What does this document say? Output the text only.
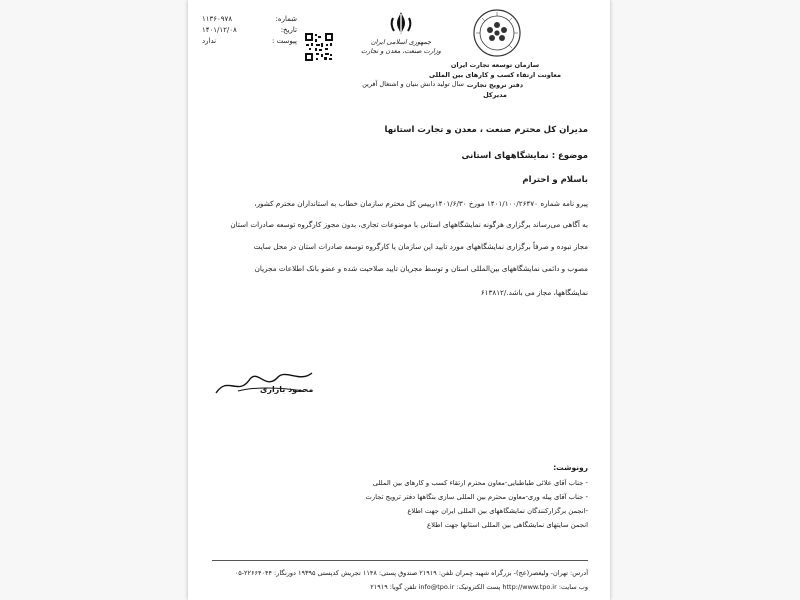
سازمان توسعه تجارت ایران
معاونت ارتقاء کسب و کارهای بین المللی
دفتر ترویج تجارت
مدیرکل
جمهوری اسلامی ایران
وزارت صنعت، معدن و تجارت
سال تولید دانش بنیان و اشتغال آفرین
شماره:
۱۱۳۶۰۹۷۸
تاریخ:
۱۴۰۱/۱۲/۰۸
پیوست :
ندارد
مدیران کل محترم صنعت ، معدن و تجارت استانها
موضوع : نمایشگاههای استانی
باسلام و احترام
پیرو نامه شماره ۱۴۰۱/۱۰۰/۲۶۴۷۰ مورخ ۱۴۰۱/۶/۳۰رییس کل محترم سازمان خطاب به استانداران محترم کشور،
به آگاهی می‌رساند برگزاری هرگونه نمایشگاههای استانی با موضوعات تجاری، بدون مجوز کارگروه توسعه صادرات استان
مجاز نبوده و صرفاً برگزاری نمایشگاههای مورد تایید این سازمان یا کارگروه توسعه صادرات استان در محل سایت
مصوب و دائمی نمایشگاههای بین‌المللی استان و توسط مجریان تایید صلاحیت شده و عضو بانک اطلاعات مجریان
نمایشگاهها، مجاز می باشد./۶۱۳۸۱۲
محمود بازاری
رونوشت:
- جناب آقای علائی طباطبایی-معاون محترم ارتقاء کسب و کارهای بین المللی
- جناب آقای پیله وری-معاون محترم بین المللی سازی بنگاهها دفتر ترویج تجارت
-انجمن برگزارکنندگان نمایشگاههای بین المللی ایران جهت اطلاع
انجمن سایتهای نمایشگاهی بین المللی استانها جهت اطلاع
آدرس: تهران- ولیعصر(عج)- بزرگراه شهید چمران تلفن: ۲۱۹۱۹ صندوق پستی: ۱۱۴۸ تجریش کدپستی ۱۹۳۹۵ دورنگار: ۲۲۶۶۴۰۴۴-۰۵
وب سایت: http://www.tpo.ir پست الکترونیک: info@tpo.ir تلفن گویا: ۲۱۹۱۹
